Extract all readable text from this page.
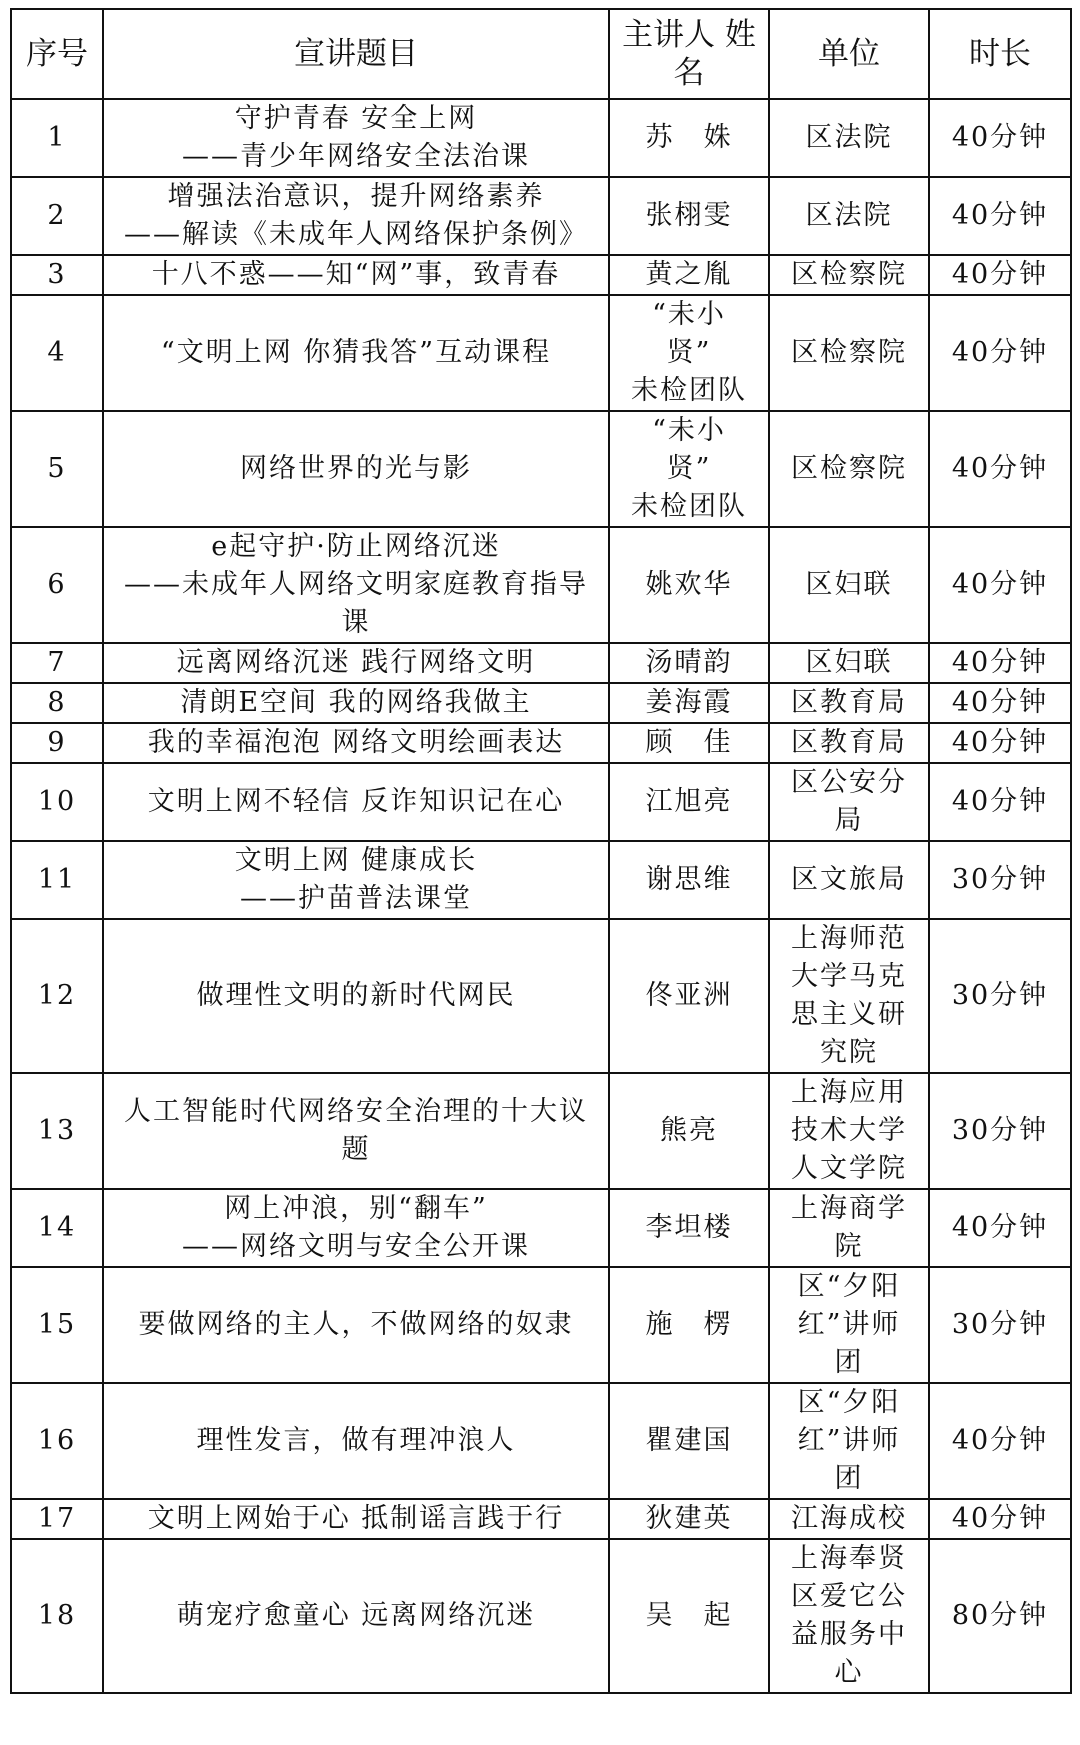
序号	宣讲题目	主讲人 姓名	单位	时长
1	守护青春 安全上网
——青少年网络安全法治课	苏　姝	区法院	40分钟
2	增强法治意识，提升网络素养
——解读《未成年人网络保护条例》	张栩雯	区法院	40分钟
3	十八不惑——知“网”事，致青春	黄之胤	区检察院	40分钟
4	“文明上网 你猜我答”互动课程	“未小
贤”
未检团队	区检察院	40分钟
5	网络世界的光与影	“未小
贤”
未检团队	区检察院	40分钟
6	e起守护·防止网络沉迷
——未成年人网络文明家庭教育指导
课	姚欢华	区妇联	40分钟
7	远离网络沉迷 践行网络文明	汤晴韵	区妇联	40分钟
8	清朗E空间 我的网络我做主	姜海霞	区教育局	40分钟
9	我的幸福泡泡 网络文明绘画表达	顾　佳	区教育局	40分钟
10	文明上网不轻信 反诈知识记在心	江旭亮	区公安分
局	40分钟
11	文明上网 健康成长
——护苗普法课堂	谢思维	区文旅局	30分钟
12	做理性文明的新时代网民	佟亚洲	上海师范
大学马克
思主义研
究院	30分钟
13	人工智能时代网络安全治理的十大议
题	熊亮	上海应用
技术大学
人文学院	30分钟
14	网上冲浪，别“翻车”
——网络文明与安全公开课	李坦楼	上海商学
院	40分钟
15	要做网络的主人，不做网络的奴隶	施　楞	区“夕阳
红”讲师
团	30分钟
16	理性发言，做有理冲浪人	瞿建国	区“夕阳
红”讲师
团	40分钟
17	文明上网始于心 抵制谣言践于行	狄建英	江海成校	40分钟
18	萌宠疗愈童心 远离网络沉迷	吴　起	上海奉贤
区爱它公
益服务中
心	80分钟
